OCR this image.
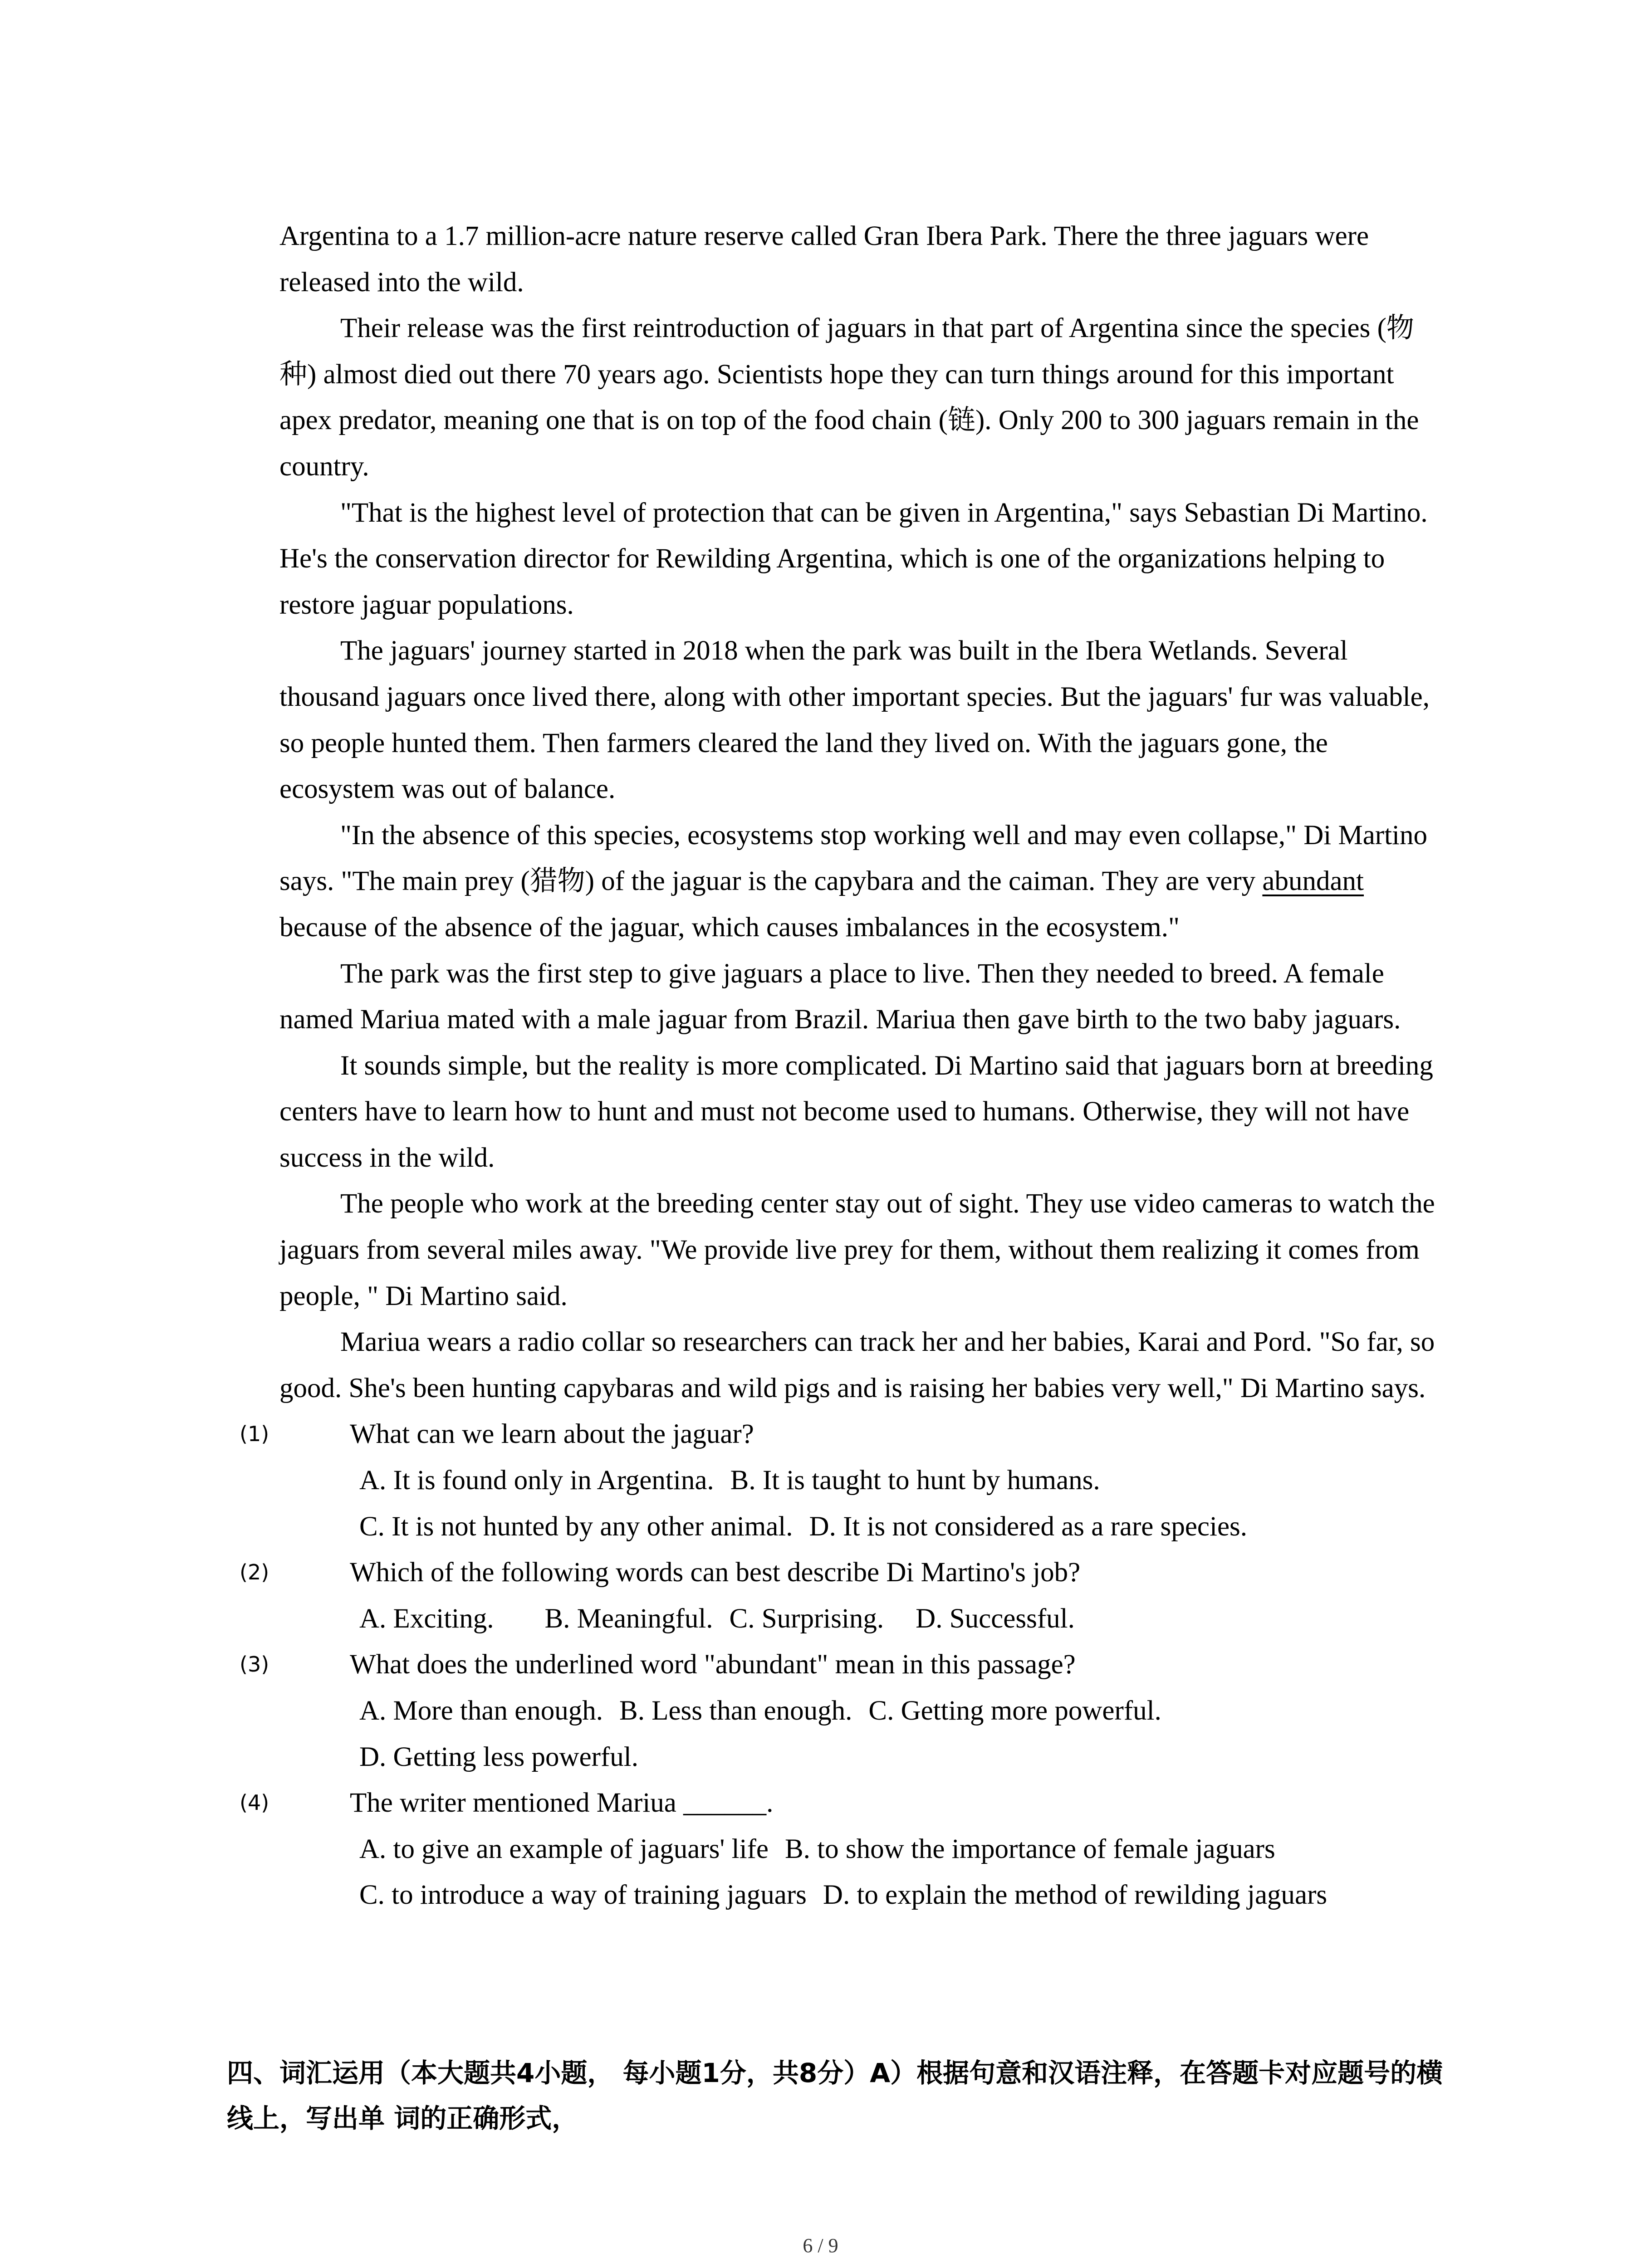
Argentina to a 1.7 million-acre nature reserve called Gran Ibera Park. There the three jaguars were released into the wild.

Their release was the first reintroduction of jaguars in that part of Argentina since the species (物种) almost died out there 70 years ago. Scientists hope they can turn things around for this important apex predator, meaning one that is on top of the food chain (链). Only 200 to 300 jaguars remain in the country.

"That is the highest level of protection that can be given in Argentina," says Sebastian Di Martino. He's the conservation director for Rewilding Argentina, which is one of the organizations helping to restore jaguar populations.

The jaguars' journey started in 2018 when the park was built in the Ibera Wetlands. Several thousand jaguars once lived there, along with other important species. But the jaguars' fur was valuable, so people hunted them. Then farmers cleared the land they lived on. With the jaguars gone, the ecosystem was out of balance.

"In the absence of this species, ecosystems stop working well and may even collapse," Di Martino says. "The main prey (猎物) of the jaguar is the capybara and the caiman. They are very abundant because of the absence of the jaguar, which causes imbalances in the ecosystem."

The park was the first step to give jaguars a place to live. Then they needed to breed. A female named Mariua mated with a male jaguar from Brazil. Mariua then gave birth to the two baby jaguars.

It sounds simple, but the reality is more complicated. Di Martino said that jaguars born at breeding centers have to learn how to hunt and must not become used to humans. Otherwise, they will not have success in the wild.

The people who work at the breeding center stay out of sight. They use video cameras to watch the jaguars from several miles away. "We provide live prey for them, without them realizing it comes from people, " Di Martino said.

Mariua wears a radio collar so researchers can track her and her babies, Karai and Pord. "So far, so good. She's been hunting capybaras and wild pigs and is raising her babies very well," Di Martino says.

(1)	What can we learn about the jaguar?
A. It is found only in Argentina. B. It is taught to hunt by humans.
C. It is not hunted by any other animal. D. It is not considered as a rare species.
(2)	Which of the following words can best describe Di Martino's job?
A. Exciting. B. Meaningful. C. Surprising. D. Successful.
(3)	What does the underlined word "abundant" mean in this passage?
A. More than enough. B. Less than enough. C. Getting more powerful.
D. Getting less powerful.
(4)	The writer mentioned Mariua ______.
A. to give an example of jaguars' life B. to show the importance of female jaguars
C. to introduce a way of training jaguars D. to explain the method of rewilding jaguars
四、词汇运用（本大题共4小题， 每小题1分，共8分）A）根据句意和汉语注释，在答题卡对应题号的横线上，写出单 词的正确形式，
6 / 9
